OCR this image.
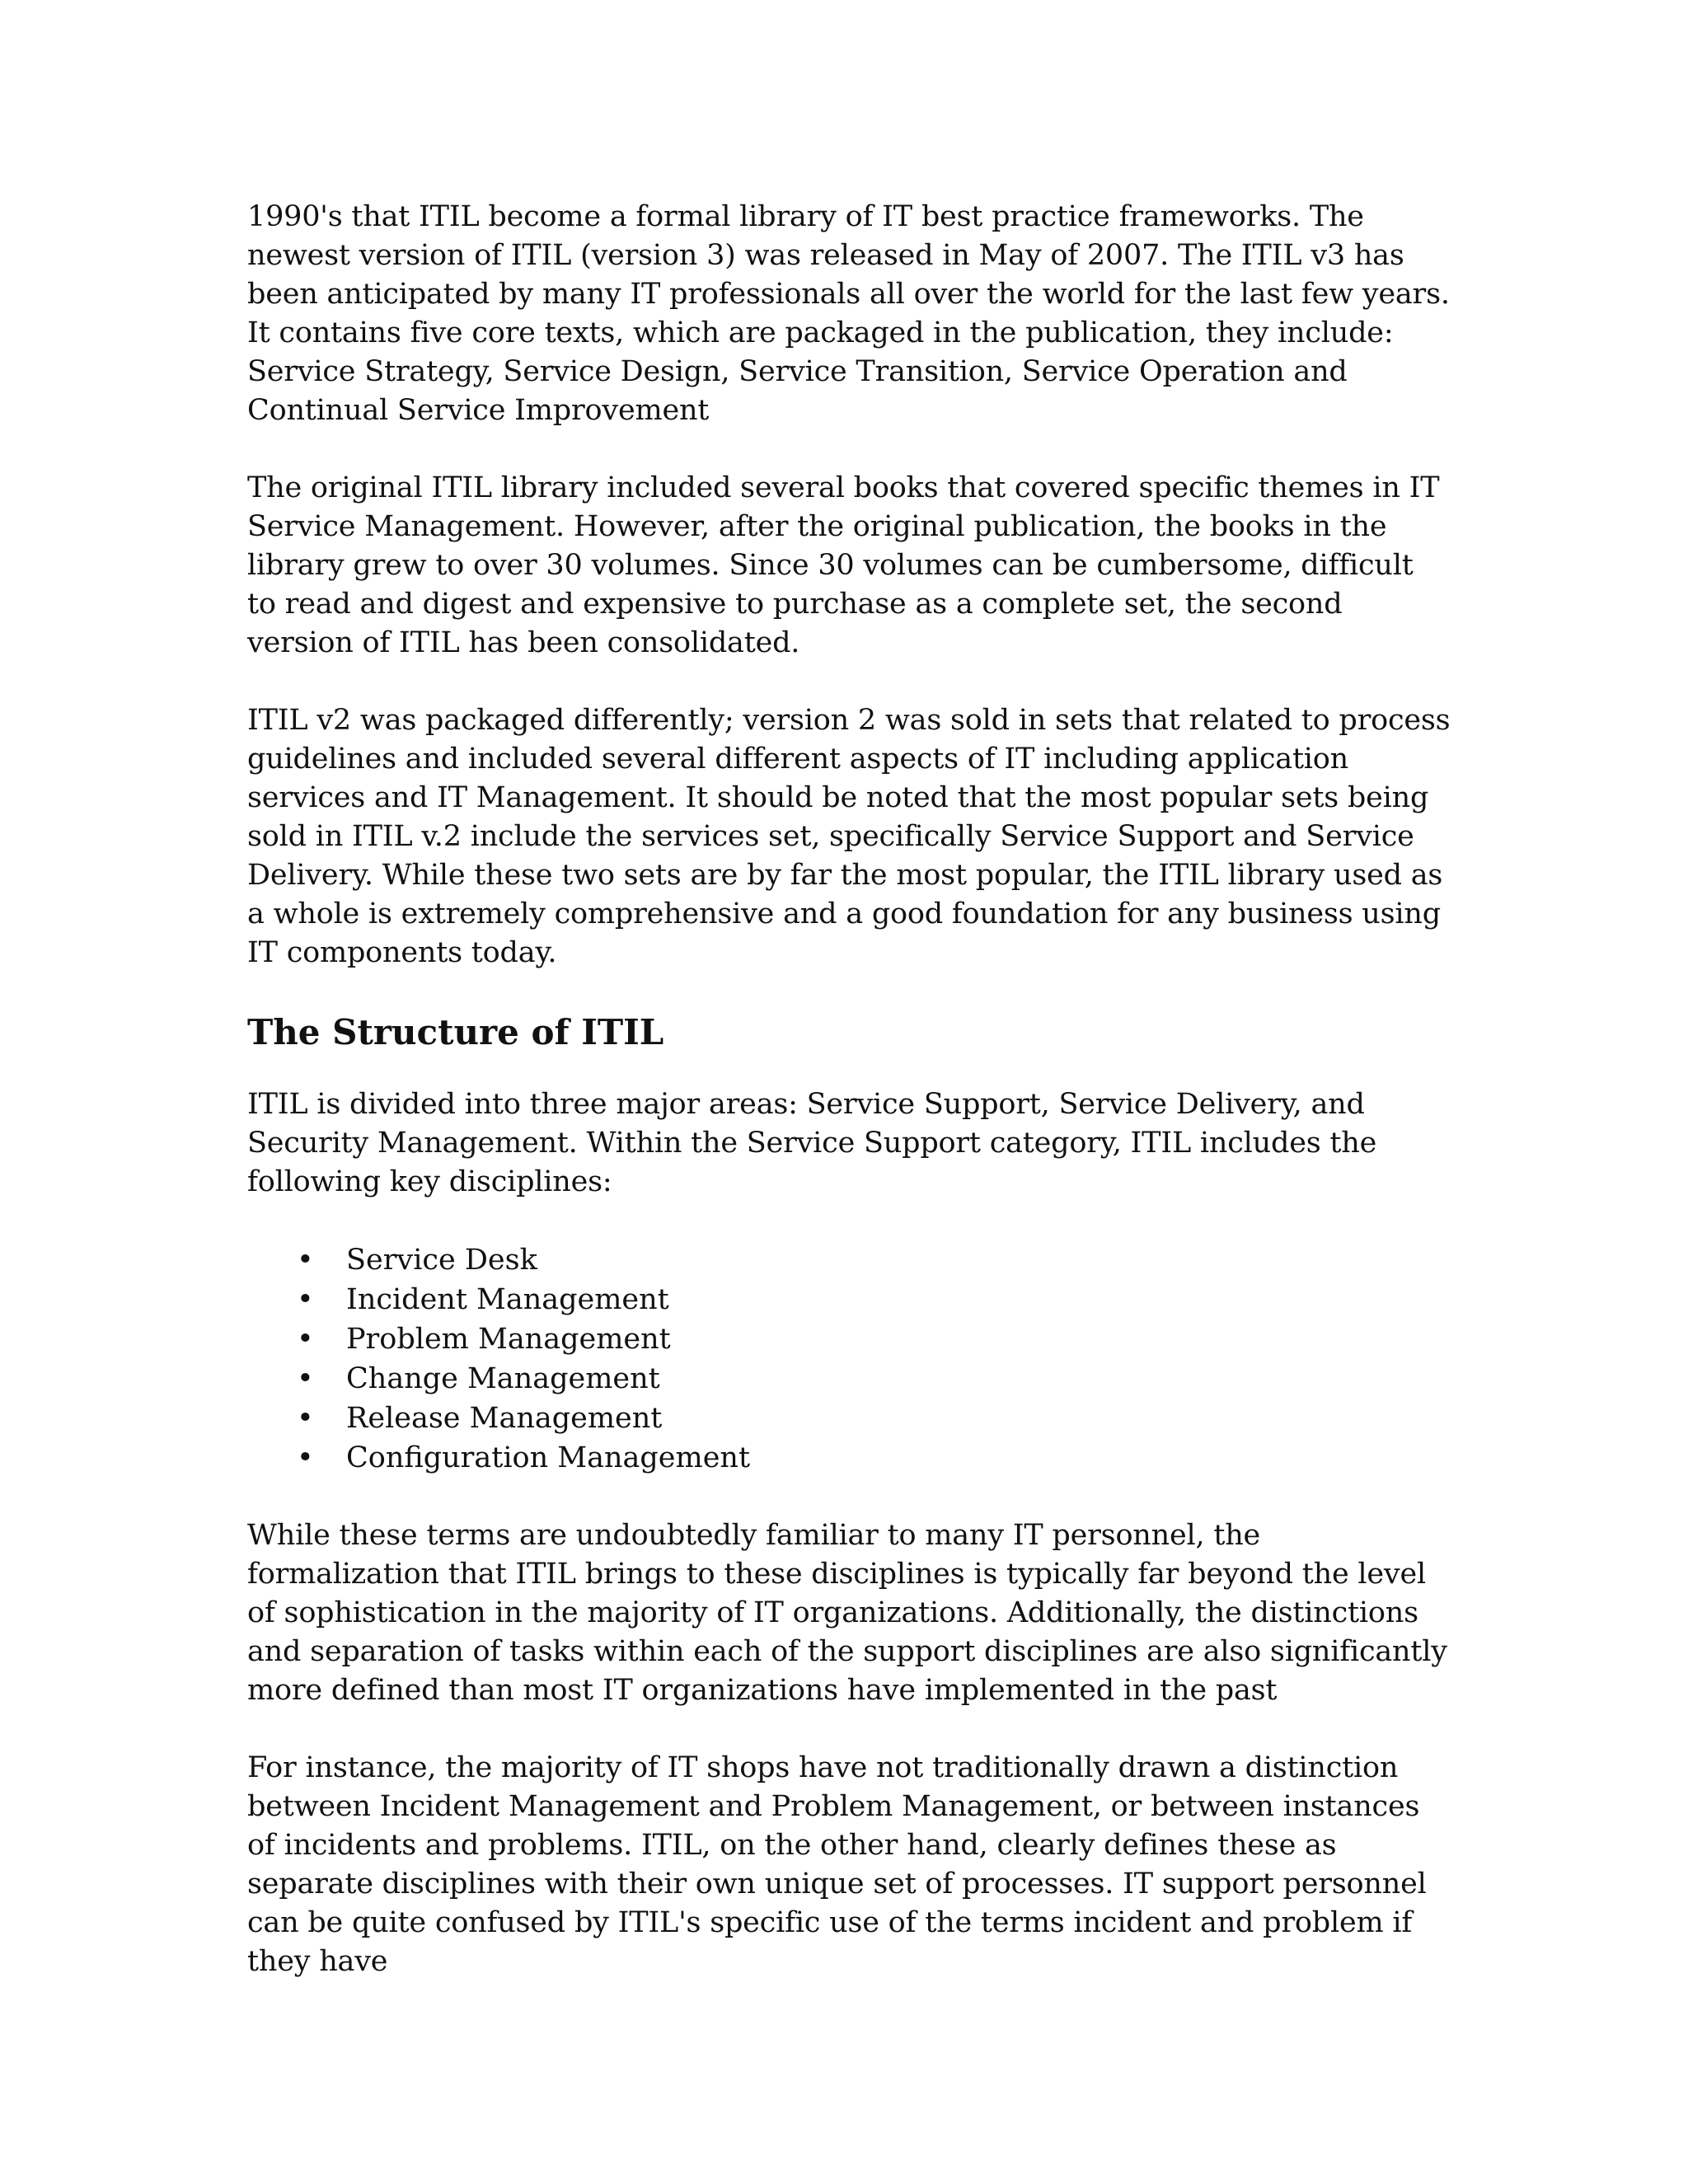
1990's that ITIL become a formal library of IT best practice frameworks. The newest version of ITIL (version 3) was released in May of 2007. The ITIL v3 has been anticipated by many IT professionals all over the world for the last few years. It contains five core texts, which are packaged in the publication, they include: Service Strategy, Service Design, Service Transition, Service Operation and Continual Service Improvement

The original ITIL library included several books that covered specific themes in IT Service Management. However, after the original publication, the books in the library grew to over 30 volumes. Since 30 volumes can be cumbersome, difficult to read and digest and expensive to purchase as a complete set, the second version of ITIL has been consolidated.

ITIL v2 was packaged differently; version 2 was sold in sets that related to process guidelines and included several different aspects of IT including application services and IT Management. It should be noted that the most popular sets being sold in ITIL v.2 include the services set, specifically Service Support and Service Delivery. While these two sets are by far the most popular, the ITIL library used as a whole is extremely comprehensive and a good foundation for any business using IT components today.

The Structure of ITIL

ITIL is divided into three major areas: Service Support, Service Delivery, and Security Management. Within the Service Support category, ITIL includes the following key disciplines:

• Service Desk
• Incident Management
• Problem Management
• Change Management
• Release Management
• Configuration Management

While these terms are undoubtedly familiar to many IT personnel, the formalization that ITIL brings to these disciplines is typically far beyond the level of sophistication in the majority of IT organizations. Additionally, the distinctions and separation of tasks within each of the support disciplines are also significantly more defined than most IT organizations have implemented in the past

For instance, the majority of IT shops have not traditionally drawn a distinction between Incident Management and Problem Management, or between instances of incidents and problems. ITIL, on the other hand, clearly defines these as separate disciplines with their own unique set of processes. IT support personnel can be quite confused by ITIL's specific use of the terms incident and problem if they have
